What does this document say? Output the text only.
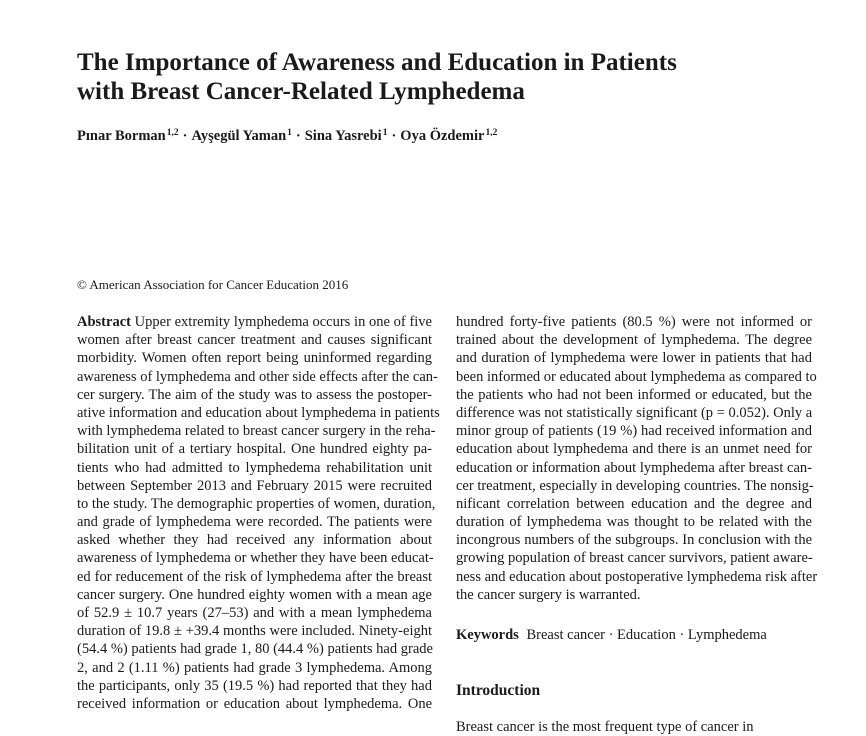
The Importance of Awareness and Education in Patients
with Breast Cancer-Related Lymphedema
Pınar Borman$^{1,2}$ · Ayşegül Yaman$^1$ · Sina Yasrebi$^1$ · Oya Özdemir$^{1,2}$
© American Association for Cancer Education 2016
Abstract Upper extremity lymphedema occurs in one of five
women after breast cancer treatment and causes significant
morbidity. Women often report being uninformed regarding
awareness of lymphedema and other side effects after the can-
cer surgery. The aim of the study was to assess the postoper-
ative information and education about lymphedema in patients
with lymphedema related to breast cancer surgery in the reha-
bilitation unit of a tertiary hospital. One hundred eighty pa-
tients who had admitted to lymphedema rehabilitation unit
between September 2013 and February 2015 were recruited
to the study. The demographic properties of women, duration,
and grade of lymphedema were recorded. The patients were
asked whether they had received any information about
awareness of lymphedema or whether they have been educat-
ed for reducement of the risk of lymphedema after the breast
cancer surgery. One hundred eighty women with a mean age
of 52.9 ± 10.7 years (27–53) and with a mean lymphedema
duration of 19.8 ± +39.4 months were included. Ninety-eight
(54.4 %) patients had grade 1, 80 (44.4 %) patients had grade
2, and 2 (1.11 %) patients had grade 3 lymphedema. Among
the participants, only 35 (19.5 %) had reported that they had
received information or education about lymphedema. One
hundred forty-five patients (80.5 %) were not informed or
trained about the development of lymphedema. The degree
and duration of lymphedema were lower in patients that had
been informed or educated about lymphedema as compared to
the patients who had not been informed or educated, but the
difference was not statistically significant (p = 0.052). Only a
minor group of patients (19 %) had received information and
education about lymphedema and there is an unmet need for
education or information about lymphedema after breast can-
cer treatment, especially in developing countries. The nonsig-
nificant correlation between education and the degree and
duration of lymphedema was thought to be related with the
incongrous numbers of the subgroups. In conclusion with the
growing population of breast cancer survivors, patient aware-
ness and education about postoperative lymphedema risk after
the cancer surgery is warranted.
Keywords Breast cancer · Education · Lymphedema
Introduction
Breast cancer is the most frequent type of cancer in
